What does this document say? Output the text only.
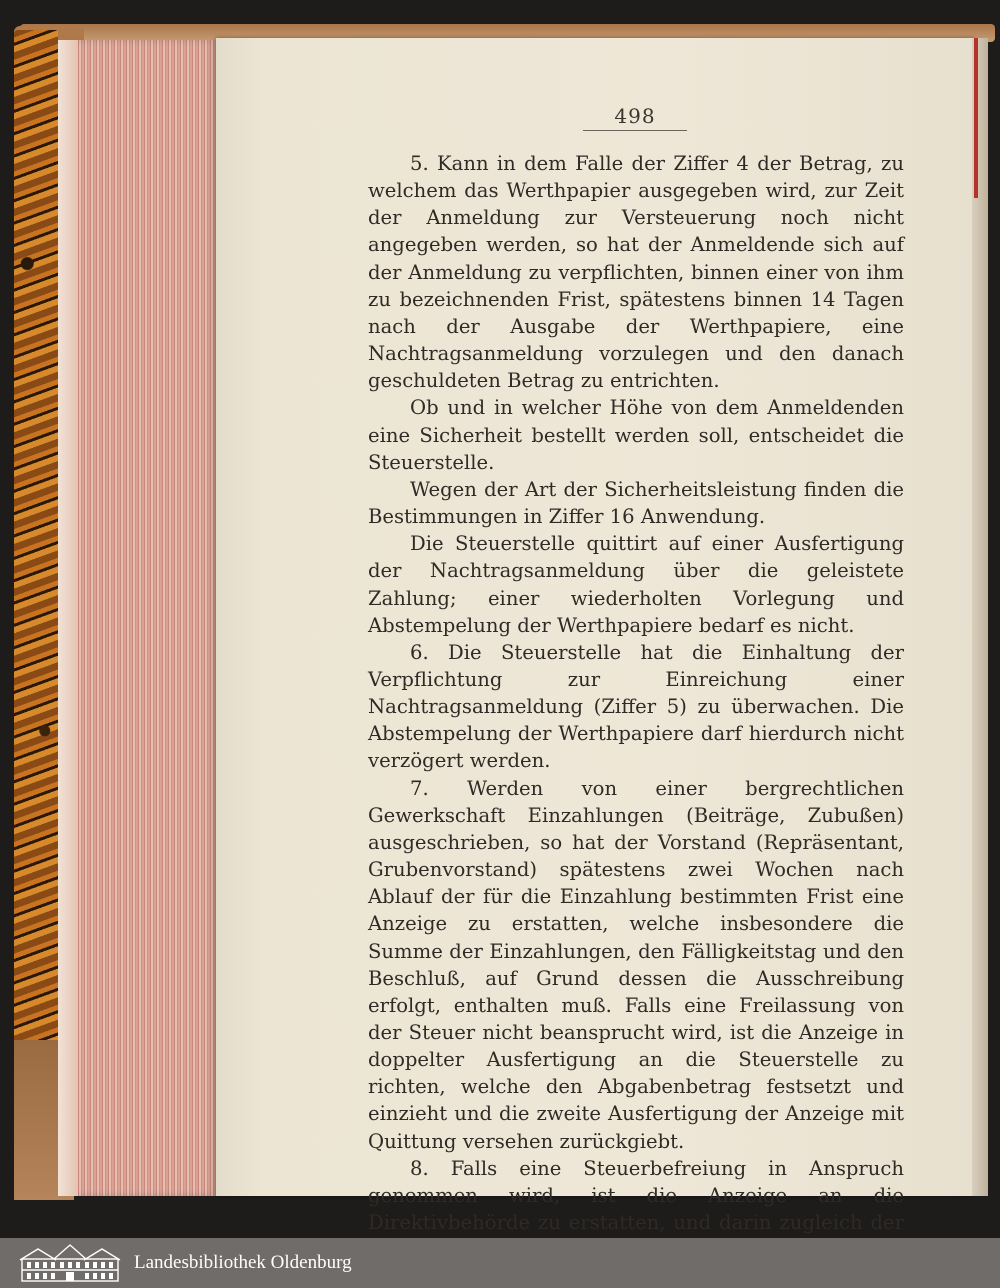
498

5. Kann in dem Falle der Ziffer 4 der Betrag, zu welchem das Werthpapier ausgegeben wird, zur Zeit der Anmeldung zur Versteuerung noch nicht angegeben werden, so hat der Anmeldende sich auf der Anmeldung zu verpflichten, binnen einer von ihm zu bezeichnenden Frist, spätestens binnen 14 Tagen nach der Ausgabe der Werthpapiere, eine Nachtragsanmeldung vorzulegen und den danach geschuldeten Betrag zu entrichten.

Ob und in welcher Höhe von dem Anmeldenden eine Sicherheit bestellt werden soll, entscheidet die Steuerstelle.

Wegen der Art der Sicherheitsleistung finden die Bestimmungen in Ziffer 16 Anwendung.

Die Steuerstelle quittirt auf einer Ausfertigung der Nachtragsanmeldung über die geleistete Zahlung; einer wiederholten Vorlegung und Abstempelung der Werthpapiere bedarf es nicht.

6. Die Steuerstelle hat die Einhaltung der Verpflichtung zur Einreichung einer Nachtragsanmeldung (Ziffer 5) zu überwachen. Die Abstempelung der Werthpapiere darf hierdurch nicht verzögert werden.

7. Werden von einer bergrechtlichen Gewerkschaft Einzahlungen (Beiträge, Zubußen) ausgeschrieben, so hat der Vorstand (Repräsentant, Grubenvorstand) spätestens zwei Wochen nach Ablauf der für die Einzahlung bestimmten Frist eine Anzeige zu erstatten, welche insbesondere die Summe der Einzahlungen, den Fälligkeitstag und den Beschluß, auf Grund dessen die Ausschreibung erfolgt, enthalten muß. Falls eine Freilassung von der Steuer nicht beansprucht wird, ist die Anzeige in doppelter Ausfertigung an die Steuerstelle zu richten, welche den Abgabenbetrag festsetzt und einzieht und die zweite Ausfertigung der Anzeige mit Quittung versehen zurückgiebt.

8. Falls eine Steuerbefreiung in Anspruch genommen wird, ist die Anzeige an die Direktivbehörde zu erstatten, und darin zugleich der

Landesbibliothek Oldenburg
